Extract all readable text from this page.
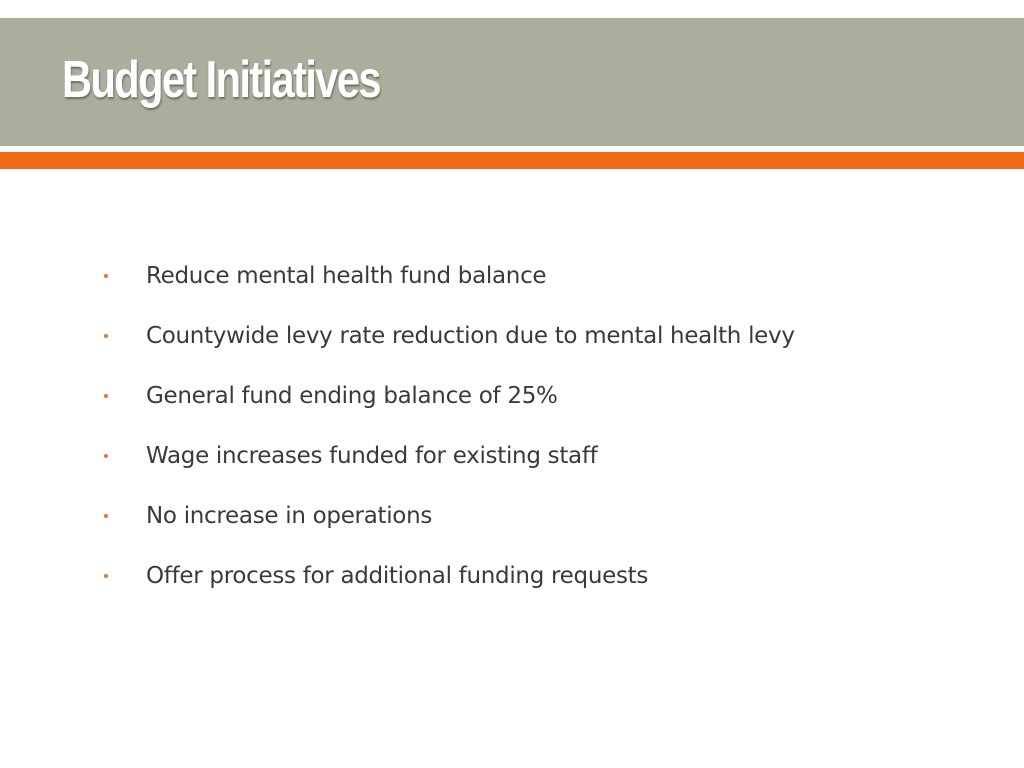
Budget Initiatives
Reduce mental health fund balance
Countywide levy rate reduction due to mental health levy
General fund ending balance of 25%
Wage increases funded for existing staff
No increase in operations
Offer process for additional funding requests
